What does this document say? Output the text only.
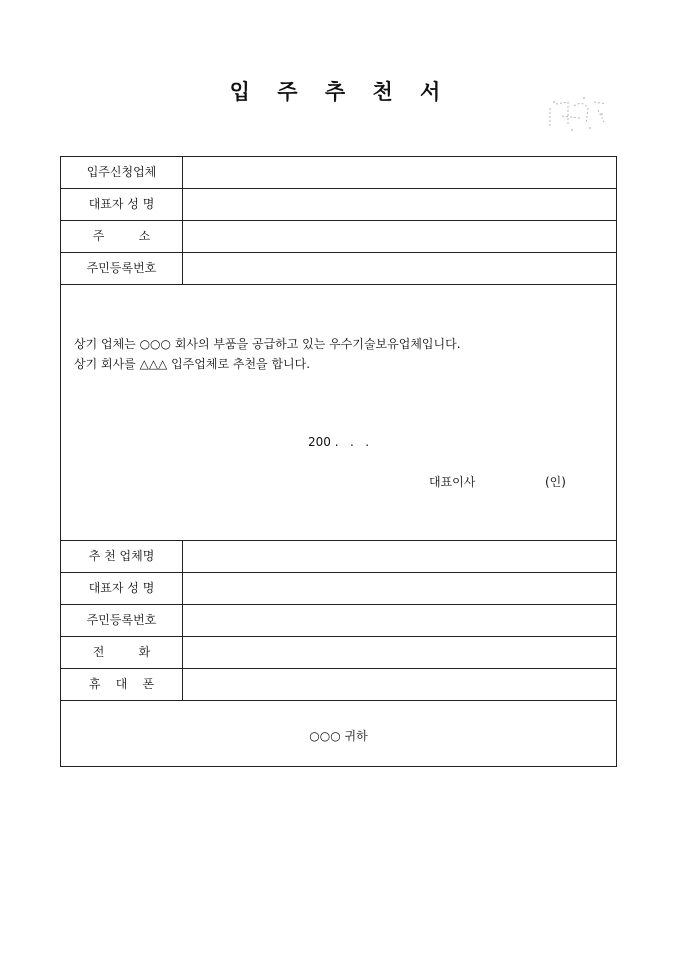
입 주 추 천 서
입주신청업체
대표자 성 명
주         소
주민등록번호
상기 업체는 ○○○ 회사의 부품을 공급하고 있는 우수기술보유업체입니다.
상기 회사를 △△△ 입주업체로 추천을 합니다.
200 .   .   .
대표이사	(인)
추 천 업체명
대표자 성 명
주민등록번호
전         화
휴    대    폰
○○○ 귀하
